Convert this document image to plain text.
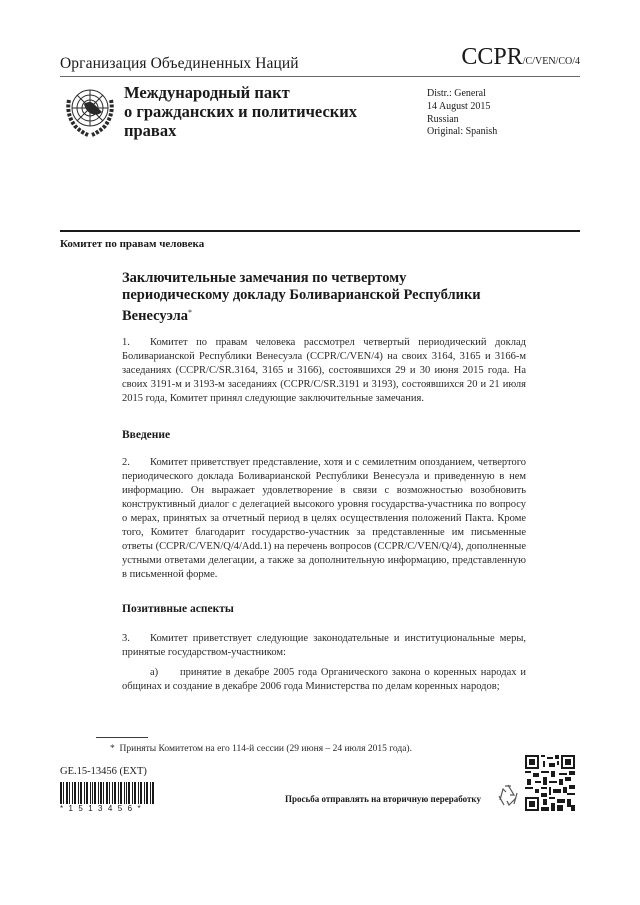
Организация Объединенных Наций	CCPR/C/VEN/CO/4
Международный пакт
о гражданских и политических
правах
Distr.: General
14 August 2015
Russian
Original: Spanish
Комитет по правам человека
Заключительные замечания по четвертому
периодическому докладу Боливарианской Республики
Венесуэла*
1. Комитет по правам человека рассмотрел четвертый периодический доклад Боливарианской Республики Венесуэла (CCPR/C/VEN/4) на своих 3164, 3165 и 3166-м заседаниях (CCPR/C/SR.3164, 3165 и 3166), состоявшихся 29 и 30 июня 2015 года. На своих 3191-м и 3193-м заседаниях (CCPR/C/SR.3191 и 3193), состоявшихся 20 и 21 июля 2015 года, Комитет принял следующие заключительные замечания.
Введение
2. Комитет приветствует представление, хотя и с семилетним опозданием, четвертого периодического доклада Боливарианской Республики Венесуэла и приведенную в нем информацию. Он выражает удовлетворение в связи с возможностью возобновить конструктивный диалог с делегацией высокого уровня государства-участника по вопросу о мерах, принятых за отчетный период в целях осуществления положений Пакта. Кроме того, Комитет благодарит государство-участник за представленные им письменные ответы (CCPR/C/VEN/Q/4/Add.1) на перечень вопросов (CCPR/C/VEN/Q/4), дополненные устными ответами делегации, а также за дополнительную информацию, представленную в письменной форме.
Позитивные аспекты
3. Комитет приветствует следующие законодательные и институциональные меры, принятые государством-участником:
a) принятие в декабре 2005 года Органического закона о коренных народах и общинах и создание в декабре 2006 года Министерства по делам коренных народов;
* Приняты Комитетом на его 114-й сессии (29 июня – 24 июля 2015 года).
GE.15-13456 (EXT)
*1513456*
Просьба отправлять на вторичную переработку
